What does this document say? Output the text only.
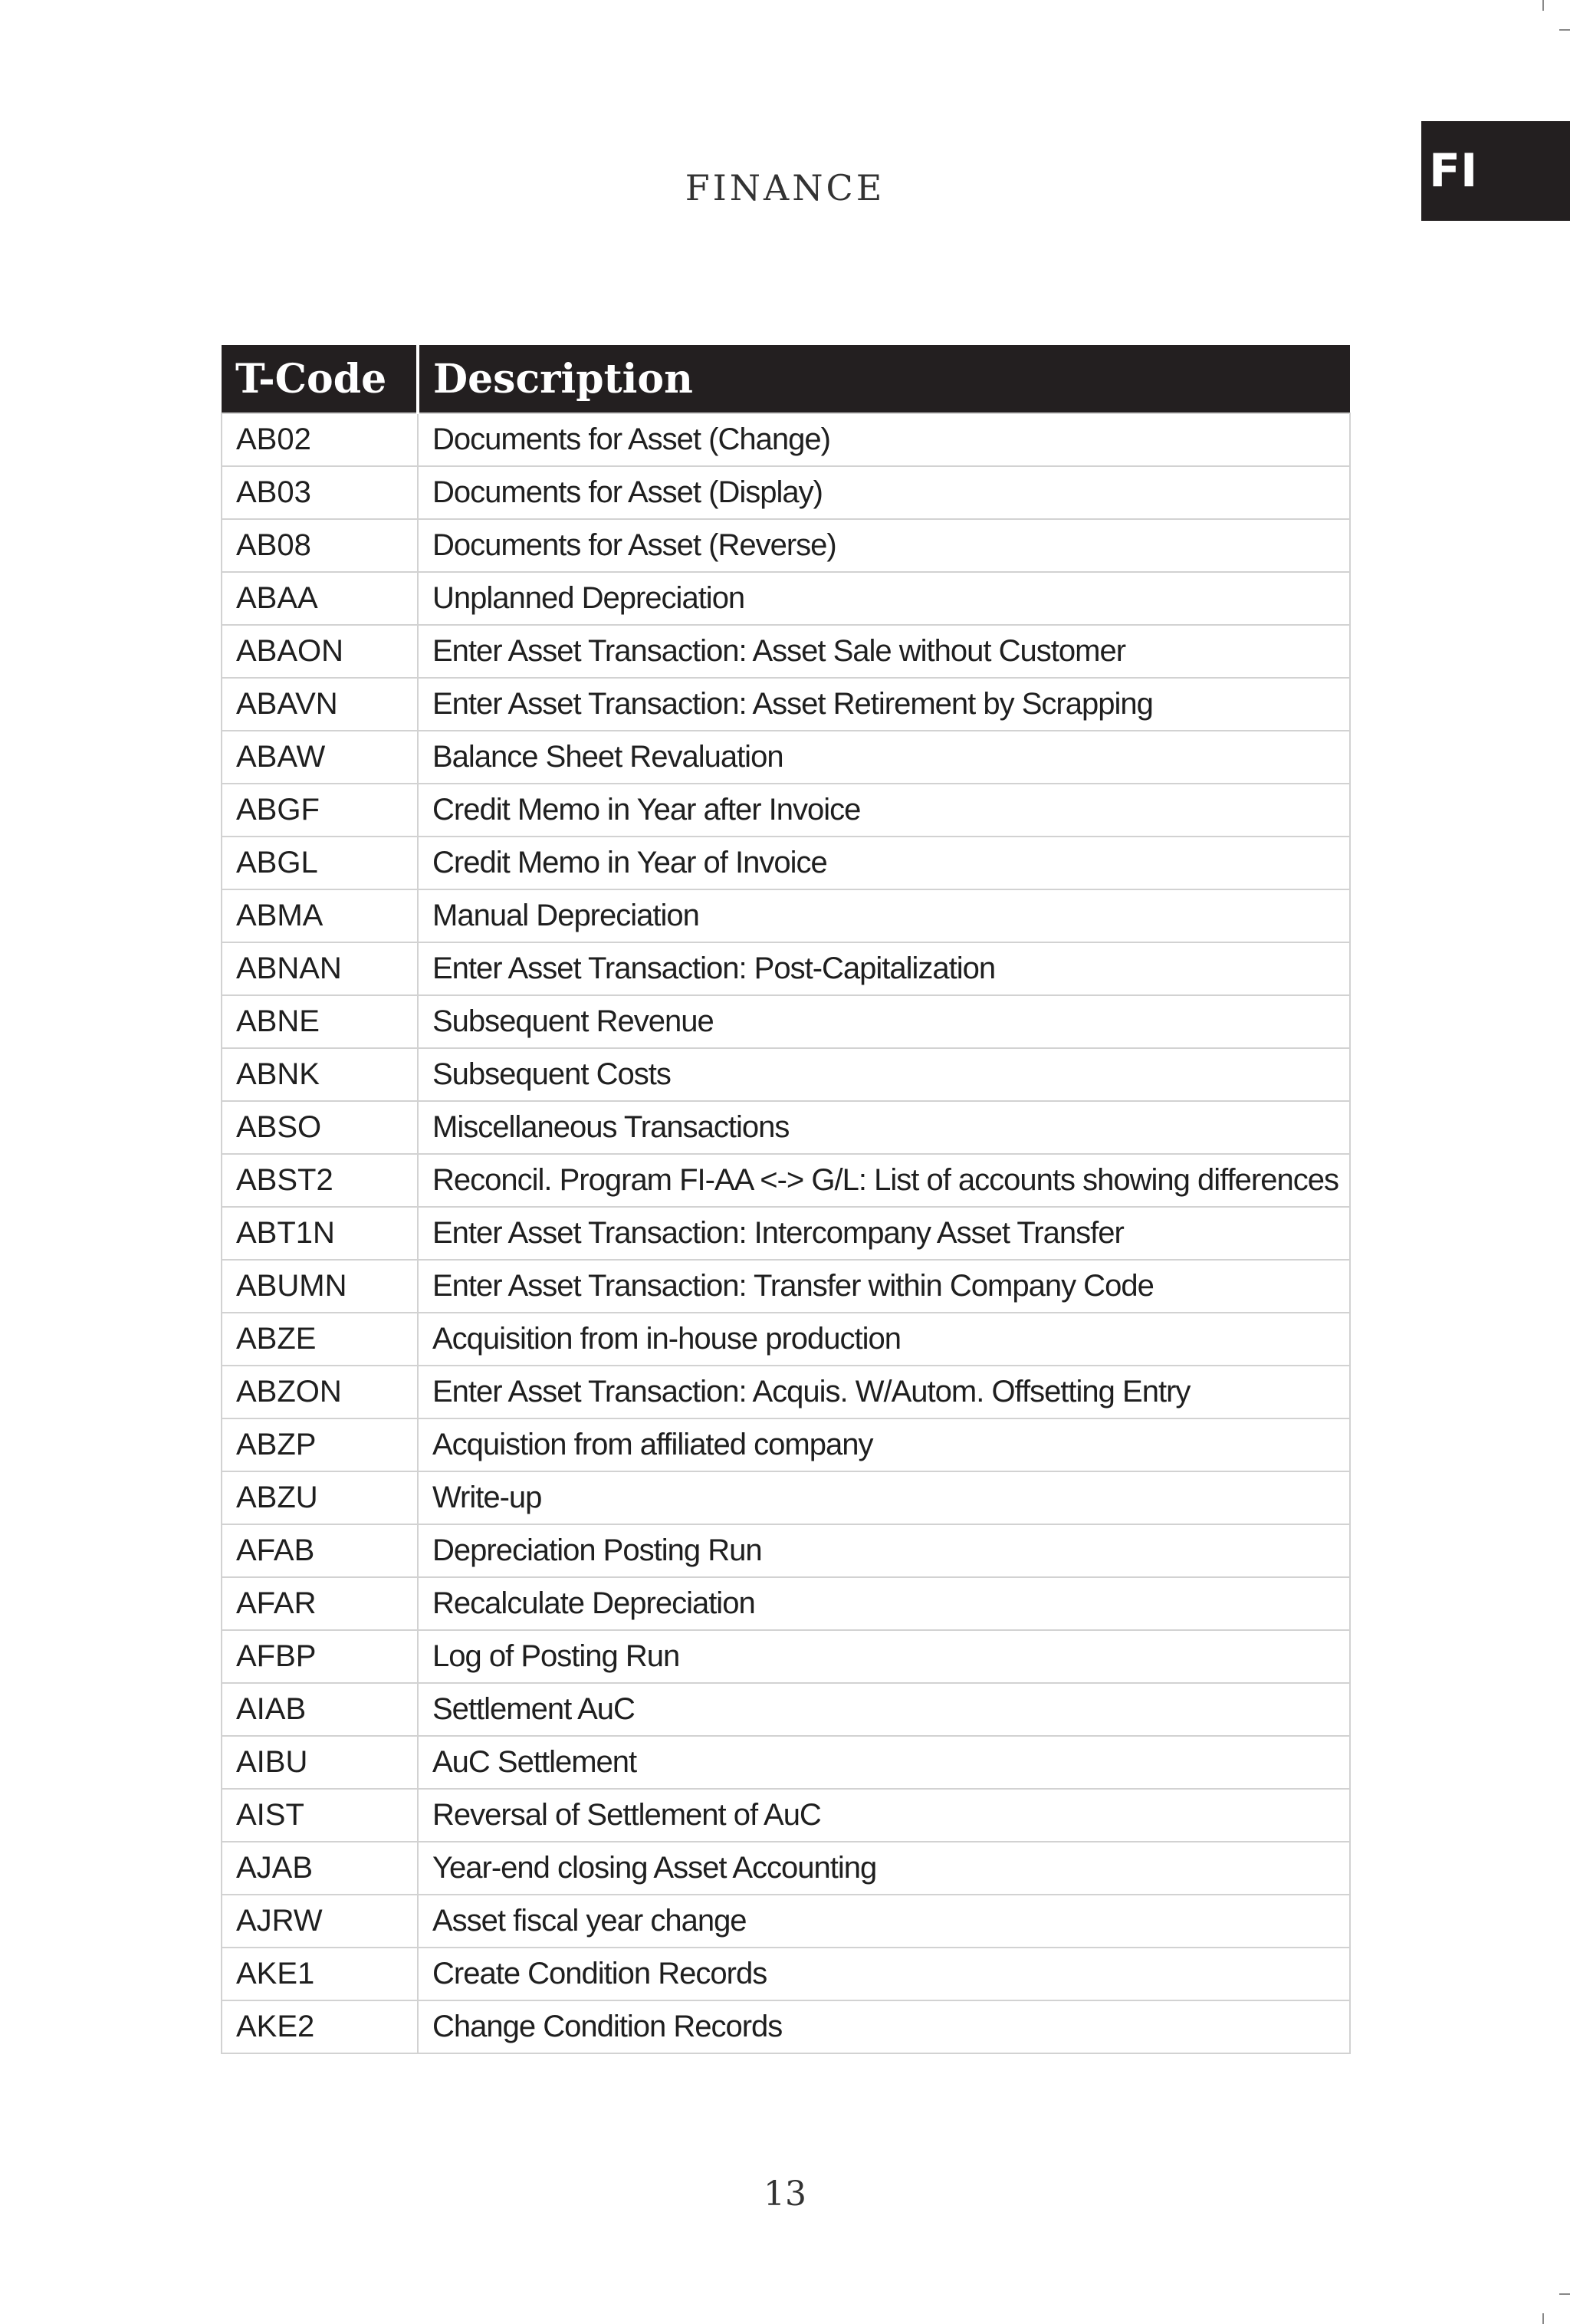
FINANCE	FI
T-Code	Description
AB02	Documents for Asset (Change)
AB03	Documents for Asset (Display)
AB08	Documents for Asset (Reverse)
ABAA	Unplanned Depreciation
ABAON	Enter Asset Transaction: Asset Sale without Customer
ABAVN	Enter Asset Transaction: Asset Retirement by Scrapping
ABAW	Balance Sheet Revaluation
ABGF	Credit Memo in Year after Invoice
ABGL	Credit Memo in Year of Invoice
ABMA	Manual Depreciation
ABNAN	Enter Asset Transaction: Post-Capitalization
ABNE	Subsequent Revenue
ABNK	Subsequent Costs
ABSO	Miscellaneous Transactions
ABST2	Reconcil. Program FI-AA <-> G/L: List of accounts showing differences
ABT1N	Enter Asset Transaction: Intercompany Asset Transfer
ABUMN	Enter Asset Transaction: Transfer within Company Code
ABZE	Acquisition from in-house production
ABZON	Enter Asset Transaction: Acquis. W/Autom. Offsetting Entry
ABZP	Acquistion from affiliated company
ABZU	Write-up
AFAB	Depreciation Posting Run
AFAR	Recalculate Depreciation
AFBP	Log of Posting Run
AIAB	Settlement AuC
AIBU	AuC Settlement
AIST	Reversal of Settlement of AuC
AJAB	Year-end closing Asset Accounting
AJRW	Asset fiscal year change
AKE1	Create Condition Records
AKE2	Change Condition Records
13
